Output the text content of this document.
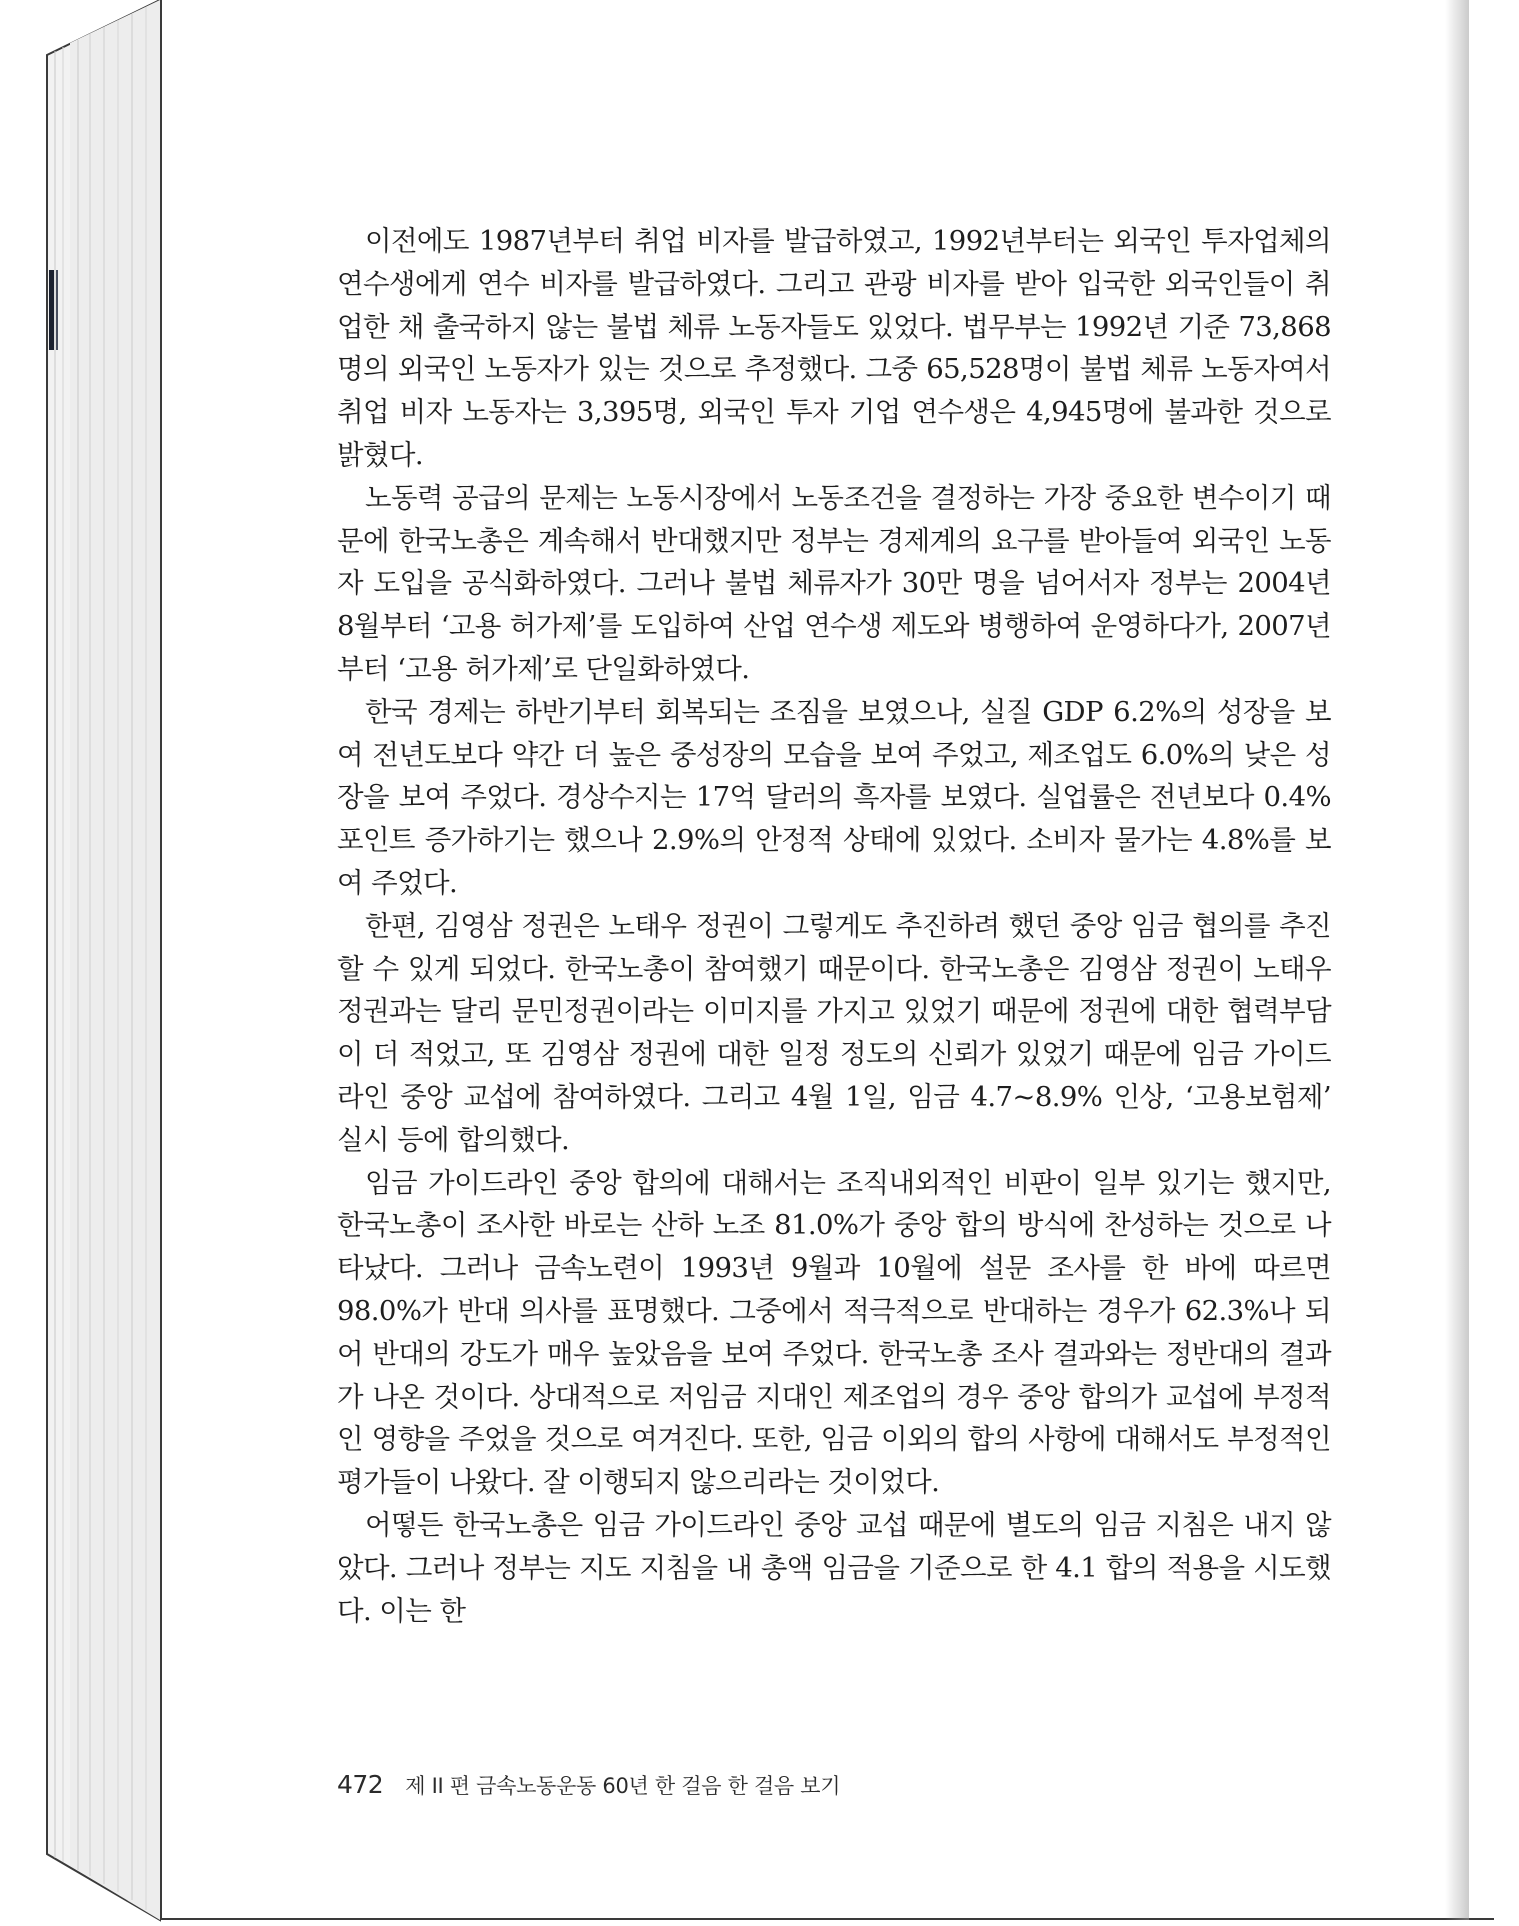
이전에도 1987년부터 취업 비자를 발급하였고, 1992년부터는 외국인 투자업체의 연수생에게 연수 비자를 발급하였다. 그리고 관광 비자를 받아 입국한 외국인들이 취업한 채 출국하지 않는 불법 체류 노동자들도 있었다. 법무부는 1992년 기준 73,868명의 외국인 노동자가 있는 것으로 추정했다. 그중 65,528명이 불법 체류 노동자여서 취업 비자 노동자는 3,395명, 외국인 투자 기업 연수생은 4,945명에 불과한 것으로 밝혔다.

노동력 공급의 문제는 노동시장에서 노동조건을 결정하는 가장 중요한 변수이기 때문에 한국노총은 계속해서 반대했지만 정부는 경제계의 요구를 받아들여 외국인 노동자 도입을 공식화하였다. 그러나 불법 체류자가 30만 명을 넘어서자 정부는 2004년 8월부터 ‘고용 허가제’를 도입하여 산업 연수생 제도와 병행하여 운영하다가, 2007년부터 ‘고용 허가제’로 단일화하였다.

한국 경제는 하반기부터 회복되는 조짐을 보였으나, 실질 GDP 6.2%의 성장을 보여 전년도보다 약간 더 높은 중성장의 모습을 보여 주었고, 제조업도 6.0%의 낮은 성장을 보여 주었다. 경상수지는 17억 달러의 흑자를 보였다. 실업률은 전년보다 0.4% 포인트 증가하기는 했으나 2.9%의 안정적 상태에 있었다. 소비자 물가는 4.8%를 보여 주었다.

한편, 김영삼 정권은 노태우 정권이 그렇게도 추진하려 했던 중앙 임금 협의를 추진할 수 있게 되었다. 한국노총이 참여했기 때문이다. 한국노총은 김영삼 정권이 노태우 정권과는 달리 문민정권이라는 이미지를 가지고 있었기 때문에 정권에 대한 협력부담이 더 적었고, 또 김영삼 정권에 대한 일정 정도의 신뢰가 있었기 때문에 임금 가이드라인 중앙 교섭에 참여하였다. 그리고 4월 1일, 임금 4.7~8.9% 인상, ‘고용보험제’ 실시 등에 합의했다.

임금 가이드라인 중앙 합의에 대해서는 조직내외적인 비판이 일부 있기는 했지만, 한국노총이 조사한 바로는 산하 노조 81.0%가 중앙 합의 방식에 찬성하는 것으로 나타났다. 그러나 금속노련이 1993년 9월과 10월에 설문 조사를 한 바에 따르면 98.0%가 반대 의사를 표명했다. 그중에서 적극적으로 반대하는 경우가 62.3%나 되어 반대의 강도가 매우 높았음을 보여 주었다. 한국노총 조사 결과와는 정반대의 결과가 나온 것이다. 상대적으로 저임금 지대인 제조업의 경우 중앙 합의가 교섭에 부정적인 영향을 주었을 것으로 여겨진다. 또한, 임금 이외의 합의 사항에 대해서도 부정적인 평가들이 나왔다. 잘 이행되지 않으리라는 것이었다.

어떻든 한국노총은 임금 가이드라인 중앙 교섭 때문에 별도의 임금 지침은 내지 않았다. 그러나 정부는 지도 지침을 내 총액 임금을 기준으로 한 4.1 합의 적용을 시도했다. 이는 한

472 제 II 편 금속노동운동 60년 한 걸음 한 걸음 보기
